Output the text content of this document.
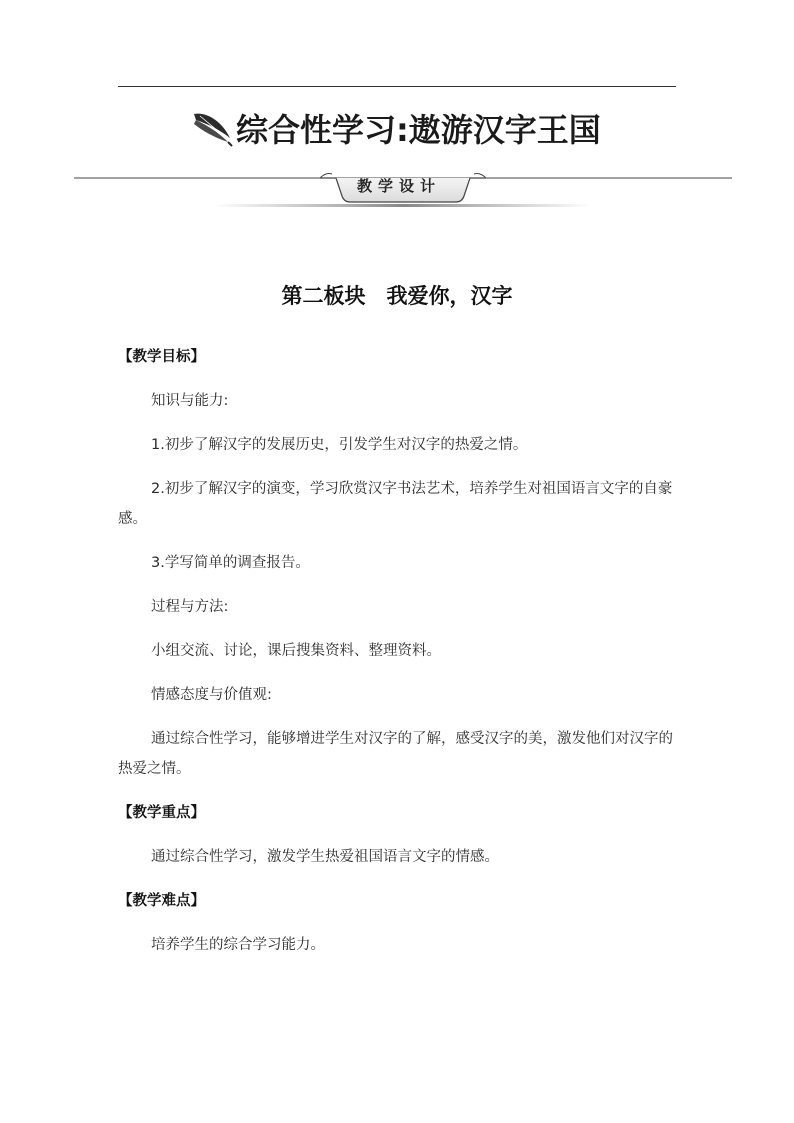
综合性学习:遨游汉字王国
教学设计
第二板块　我爱你，汉字
【教学目标】
知识与能力:
1.初步了解汉字的发展历史，引发学生对汉字的热爱之情。
2.初步了解汉字的演变，学习欣赏汉字书法艺术，培养学生对祖国语言文字的自豪感。
3.学写简单的调查报告。
过程与方法:
小组交流、讨论，课后搜集资料、整理资料。
情感态度与价值观:
通过综合性学习，能够增进学生对汉字的了解，感受汉字的美，激发他们对汉字的热爱之情。
【教学重点】
通过综合性学习，激发学生热爱祖国语言文字的情感。
【教学难点】
培养学生的综合学习能力。
